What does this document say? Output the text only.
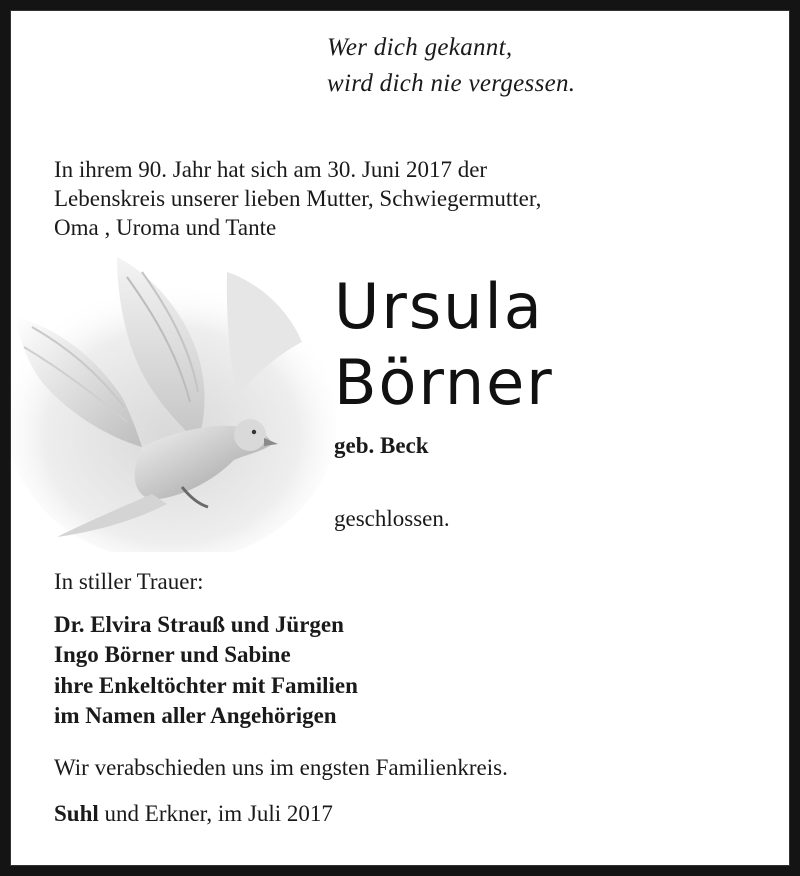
Wer dich gekannt,
wird dich nie vergessen.
In ihrem 90. Jahr hat sich am 30. Juni 2017 der
Lebenskreis unserer lieben Mutter, Schwiegermutter,
Oma , Uroma und Tante
Ursula
Börner
geb. Beck
geschlossen.
In stiller Trauer:
Dr. Elvira Strauß und Jürgen
Ingo Börner und Sabine
ihre Enkeltöchter mit Familien
im Namen aller Angehörigen
Wir verabschieden uns im engsten Familienkreis.
Suhl und Erkner, im Juli 2017
